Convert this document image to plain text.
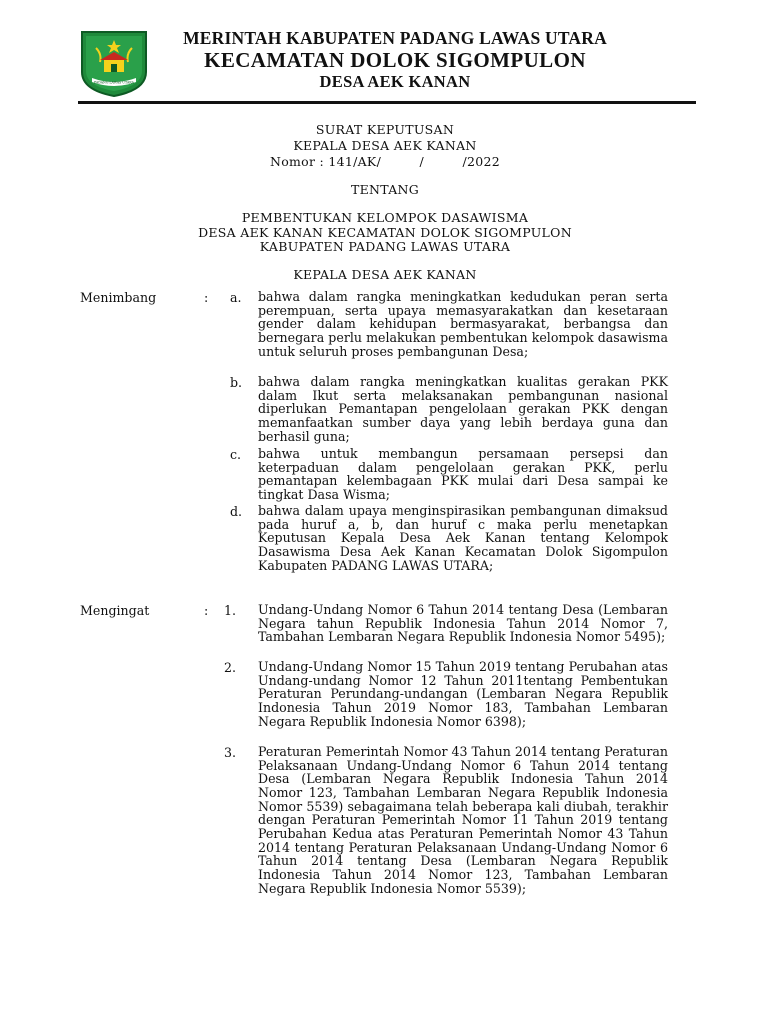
PADANG LAWAS UTARA
MERINTAH KABUPATEN PADANG LAWAS UTARA
KECAMATAN DOLOK SIGOMPULON
DESA AEK KANAN
SURAT KEPUTUSAN
KEPALA DESA AEK KANAN
Nomor : 141/AK/         /         /2022
TENTANG
PEMBENTUKAN KELOMPOK DASAWISMA
DESA AEK KANAN KECAMATAN DOLOK SIGOMPULON
KABUPATEN PADANG LAWAS UTARA
KEPALA DESA AEK KANAN
Menimbang	: a. bahwa dalam rangka meningkatkan kedudukan peran serta perempuan, serta upaya memasyarakatkan dan kesetaraan gender dalam kehidupan bermasyarakat, berbangsa dan bernegara perlu melakukan pembentukan kelompok dasawisma untuk seluruh proses pembangunan Desa;
b. bahwa dalam rangka meningkatkan kualitas gerakan PKK dalam Ikut serta melaksanakan pembangunan nasional diperlukan Pemantapan pengelolaan gerakan PKK dengan memanfaatkan sumber daya yang lebih berdaya guna dan berhasil guna;
c. bahwa untuk membangun persamaan persepsi dan keterpaduan dalam pengelolaan gerakan PKK, perlu pemantapan kelembagaan PKK mulai dari Desa sampai ke tingkat Dasa Wisma;
d. bahwa dalam upaya menginspirasikan pembangunan dimaksud pada huruf a, b, dan huruf c maka perlu menetapkan Keputusan Kepala Desa Aek Kanan tentang Kelompok Dasawisma Desa Aek Kanan Kecamatan Dolok Sigompulon Kabupaten PADANG LAWAS UTARA;
Mengingat	: 1. Undang-Undang Nomor 6 Tahun 2014 tentang Desa (Lembaran Negara tahun Republik Indonesia Tahun 2014 Nomor 7, Tambahan Lembaran Negara Republik Indonesia Nomor 5495);
2. Undang-Undang Nomor 15 Tahun 2019 tentang Perubahan atas Undang-undang Nomor 12 Tahun 2011tentang Pembentukan Peraturan Perundang-undangan (Lembaran Negara Republik Indonesia Tahun 2019 Nomor 183, Tambahan Lembaran Negara Republik Indonesia Nomor 6398);
3. Peraturan Pemerintah Nomor 43 Tahun 2014 tentang Peraturan Pelaksanaan Undang-Undang Nomor 6 Tahun 2014 tentang Desa (Lembaran Negara Republik Indonesia Tahun 2014 Nomor 123, Tambahan Lembaran Negara Republik Indonesia Nomor 5539) sebagaimana telah beberapa kali diubah, terakhir dengan Peraturan Pemerintah Nomor 11 Tahun 2019 tentang Perubahan Kedua atas Peraturan Pemerintah Nomor 43 Tahun 2014 tentang Peraturan Pelaksanaan Undang-Undang Nomor 6 Tahun 2014 tentang Desa (Lembaran Negara Republik Indonesia Tahun 2014 Nomor 123, Tambahan Lembaran Negara Republik Indonesia Nomor 5539);
